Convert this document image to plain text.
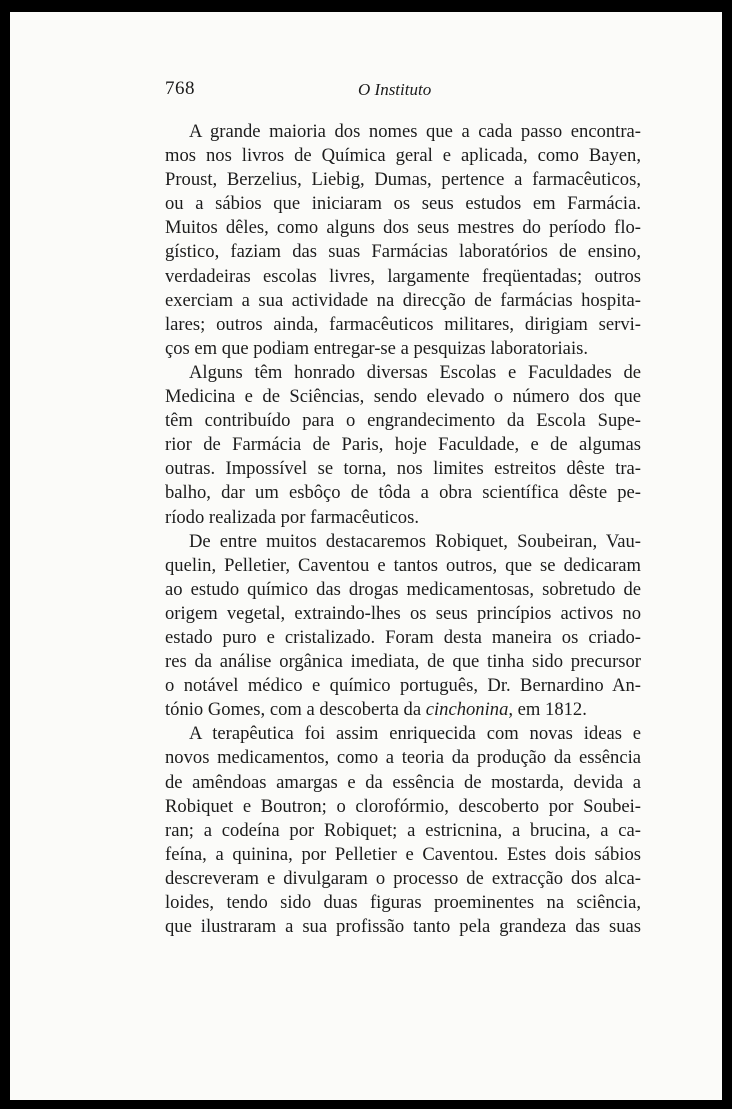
768	O Instituto
A grande maioria dos nomes que a cada passo encontra-
mos nos livros de Química geral e aplicada, como Bayen,
Proust, Berzelius, Liebig, Dumas, pertence a farmacêuticos,
ou a sábios que iniciaram os seus estudos em Farmácia.
Muitos dêles, como alguns dos seus mestres do período flo-
gístico, faziam das suas Farmácias laboratórios de ensino,
verdadeiras escolas livres, largamente freqüentadas; outros
exerciam a sua actividade na direcção de farmácias hospita-
lares; outros ainda, farmacêuticos militares, dirigiam servi-
ços em que podiam entregar-se a pesquizas laboratoriais.
Alguns têm honrado diversas Escolas e Faculdades de
Medicina e de Sciências, sendo elevado o número dos que
têm contribuído para o engrandecimento da Escola Supe-
rior de Farmácia de Paris, hoje Faculdade, e de algumas
outras. Impossível se torna, nos limites estreitos dêste tra-
balho, dar um esbôço de tôda a obra scientífica dêste pe-
ríodo realizada por farmacêuticos.
De entre muitos destacaremos Robiquet, Soubeiran, Vau-
quelin, Pelletier, Caventou e tantos outros, que se dedicaram
ao estudo químico das drogas medicamentosas, sobretudo de
origem vegetal, extraindo-lhes os seus princípios activos no
estado puro e cristalizado. Foram desta maneira os criado-
res da análise orgânica imediata, de que tinha sido precursor
o notável médico e químico português, Dr. Bernardino An-
tónio Gomes, com a descoberta da cinchonina, em 1812.
A terapêutica foi assim enriquecida com novas ideas e
novos medicamentos, como a teoria da produção da essência
de amêndoas amargas e da essência de mostarda, devida a
Robiquet e Boutron; o clorofórmio, descoberto por Soubei-
ran; a codeína por Robiquet; a estricnina, a brucina, a ca-
feína, a quinina, por Pelletier e Caventou. Estes dois sábios
descreveram e divulgaram o processo de extracção dos alca-
loides, tendo sido duas figuras proeminentes na sciência,
que ilustraram a sua profissão tanto pela grandeza das suas
